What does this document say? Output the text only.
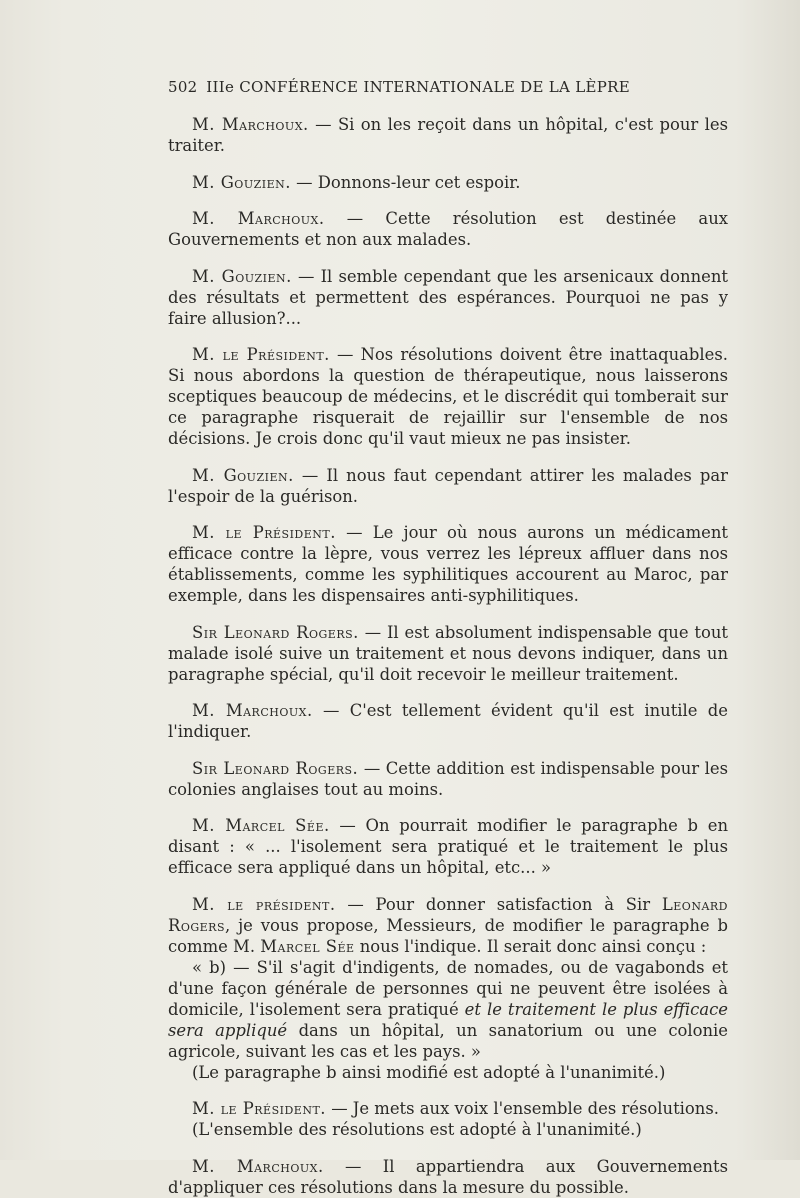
502 IIIe CONFÉRENCE INTERNATIONALE DE LA LÈPRE

M. Marchoux. — Si on les reçoit dans un hôpital, c'est pour les traiter.

M. Gouzien. — Donnons-leur cet espoir.

M. Marchoux. — Cette résolution est destinée aux Gouvernements et non aux malades.

M. Gouzien. — Il semble cependant que les arsenicaux donnent des résultats et permettent des espérances. Pourquoi ne pas y faire allusion?...

M. le Président. — Nos résolutions doivent être inattaquables. Si nous abordons la question de thérapeutique, nous laisserons sceptiques beaucoup de médecins, et le discrédit qui tomberait sur ce paragraphe risquerait de rejaillir sur l'ensemble de nos décisions. Je crois donc qu'il vaut mieux ne pas insister.

M. Gouzien. — Il nous faut cependant attirer les malades par l'espoir de la guérison.

M. le Président. — Le jour où nous aurons un médicament efficace contre la lèpre, vous verrez les lépreux affluer dans nos établissements, comme les syphilitiques accourent au Maroc, par exemple, dans les dispensaires anti-syphilitiques.

Sir Leonard Rogers. — Il est absolument indispensable que tout malade isolé suive un traitement et nous devons indiquer, dans un paragraphe spécial, qu'il doit recevoir le meilleur traitement.

M. Marchoux. — C'est tellement évident qu'il est inutile de l'indiquer.

Sir Leonard Rogers. — Cette addition est indispensable pour les colonies anglaises tout au moins.

M. Marcel Sée. — On pourrait modifier le paragraphe b en disant : « ... l'isolement sera pratiqué et le traitement le plus efficace sera appliqué dans un hôpital, etc... »

M. le président. — Pour donner satisfaction à Sir Leonard Rogers, je vous propose, Messieurs, de modifier le paragraphe b comme M. Marcel Sée nous l'indique. Il serait donc ainsi conçu :

« b) — S'il s'agit d'indigents, de nomades, ou de vagabonds et d'une façon générale de personnes qui ne peuvent être isolées à domicile, l'isolement sera pratiqué et le traitement le plus efficace sera appliqué dans un hôpital, un sanatorium ou une colonie agricole, suivant les cas et les pays. »

(Le paragraphe b ainsi modifié est adopté à l'unanimité.)

M. le Président. — Je mets aux voix l'ensemble des résolutions.

(L'ensemble des résolutions est adopté à l'unanimité.)

M. Marchoux. — Il appartiendra aux Gouvernements d'appliquer ces résolutions dans la mesure du possible.
